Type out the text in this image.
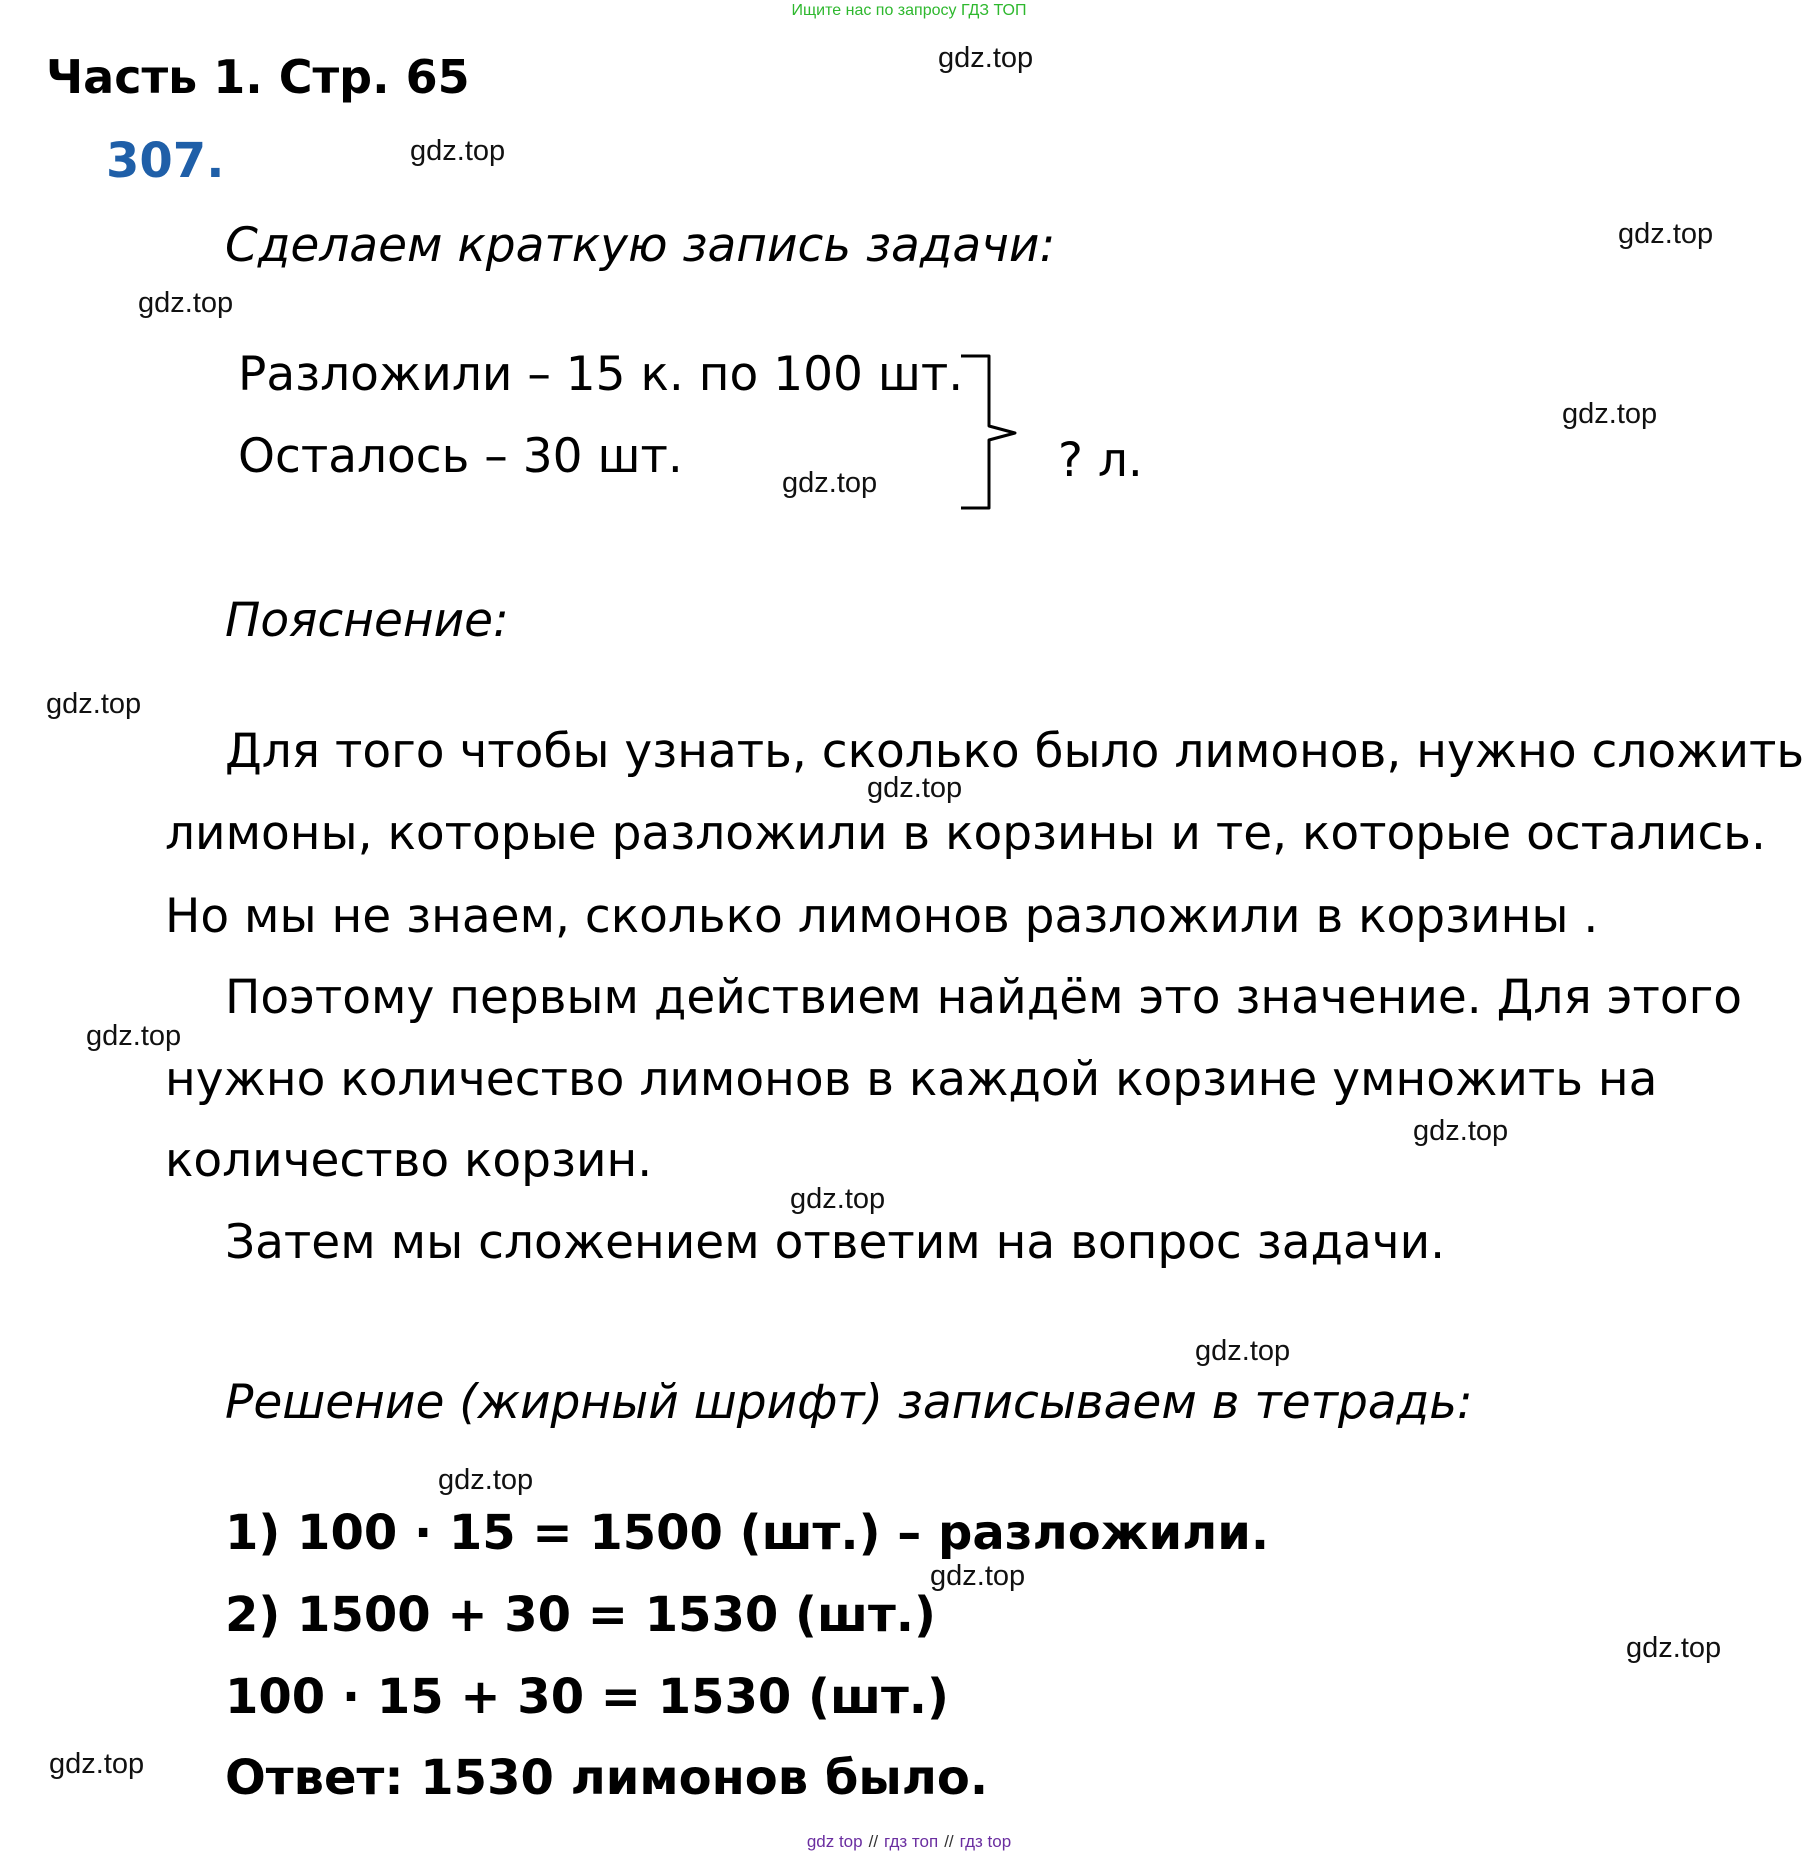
Ищите нас по запросу ГДЗ ТОП
Часть 1. Стр. 65
307.
Сделаем краткую запись задачи:
Разложили – 15 к. по 100 шт.
Осталось – 30 шт.	? л.
Пояснение:
Для того чтобы узнать, сколько было лимонов, нужно сложить
лимоны, которые разложили в корзины и те, которые остались.
Но мы не знаем, сколько лимонов разложили в корзины .
Поэтому первым действием найдём это значение. Для этого
нужно количество лимонов в каждой корзине умножить на
количество корзин.
Затем мы сложением ответим на вопрос задачи.
Решение (жирный шрифт) записываем в тетрадь:
1) 100 · 15 = 1500 (шт.) – разложили.
2) 1500 + 30 = 1530 (шт.)
100 · 15 + 30 = 1530 (шт.)
Ответ: 1530 лимонов было.
gdz.top
gdz.top
gdz.top
gdz.top
gdz.top
gdz.top
gdz.top
gdz.top
gdz.top
gdz.top
gdz.top
gdz.top
gdz.top
gdz.top
gdz.top
gdz.top
gdz top // гдз топ // гдз top
